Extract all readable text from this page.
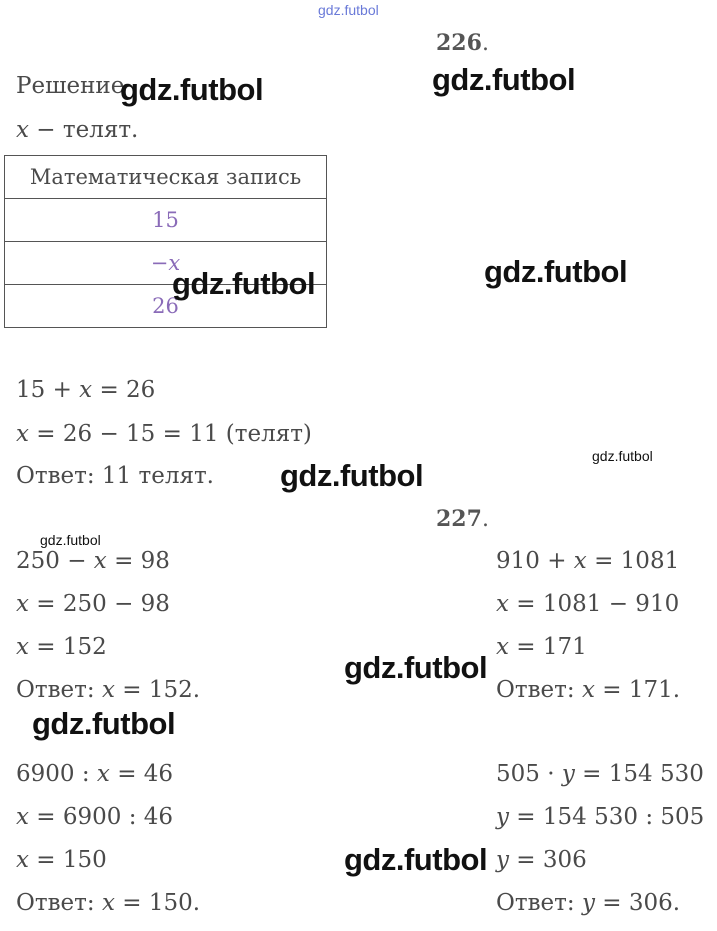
gdz.futbol
226.
Решение
x − телят.
Математическая запись
15
−x
26
15 + x = 26
x = 26 − 15 = 11 (телят)
Ответ: 11 телят.
227.
250 − x = 98
x = 250 − 98
x = 152
Ответ: x = 152.
910 + x = 1081
x = 1081 − 910
x = 171
Ответ: x = 171.
6900 : x = 46
x = 6900 : 46
x = 150
Ответ: x = 150.
505 · y = 154 530
y = 154 530 : 505
y = 306
Ответ: y = 306.
gdz.futbol	gdz.futbol
gdz.futbol	gdz.futbol
gdz.futbol
gdz.futbol
gdz.futbol
gdz.futbol
gdz.futbol
gdz.futbol
